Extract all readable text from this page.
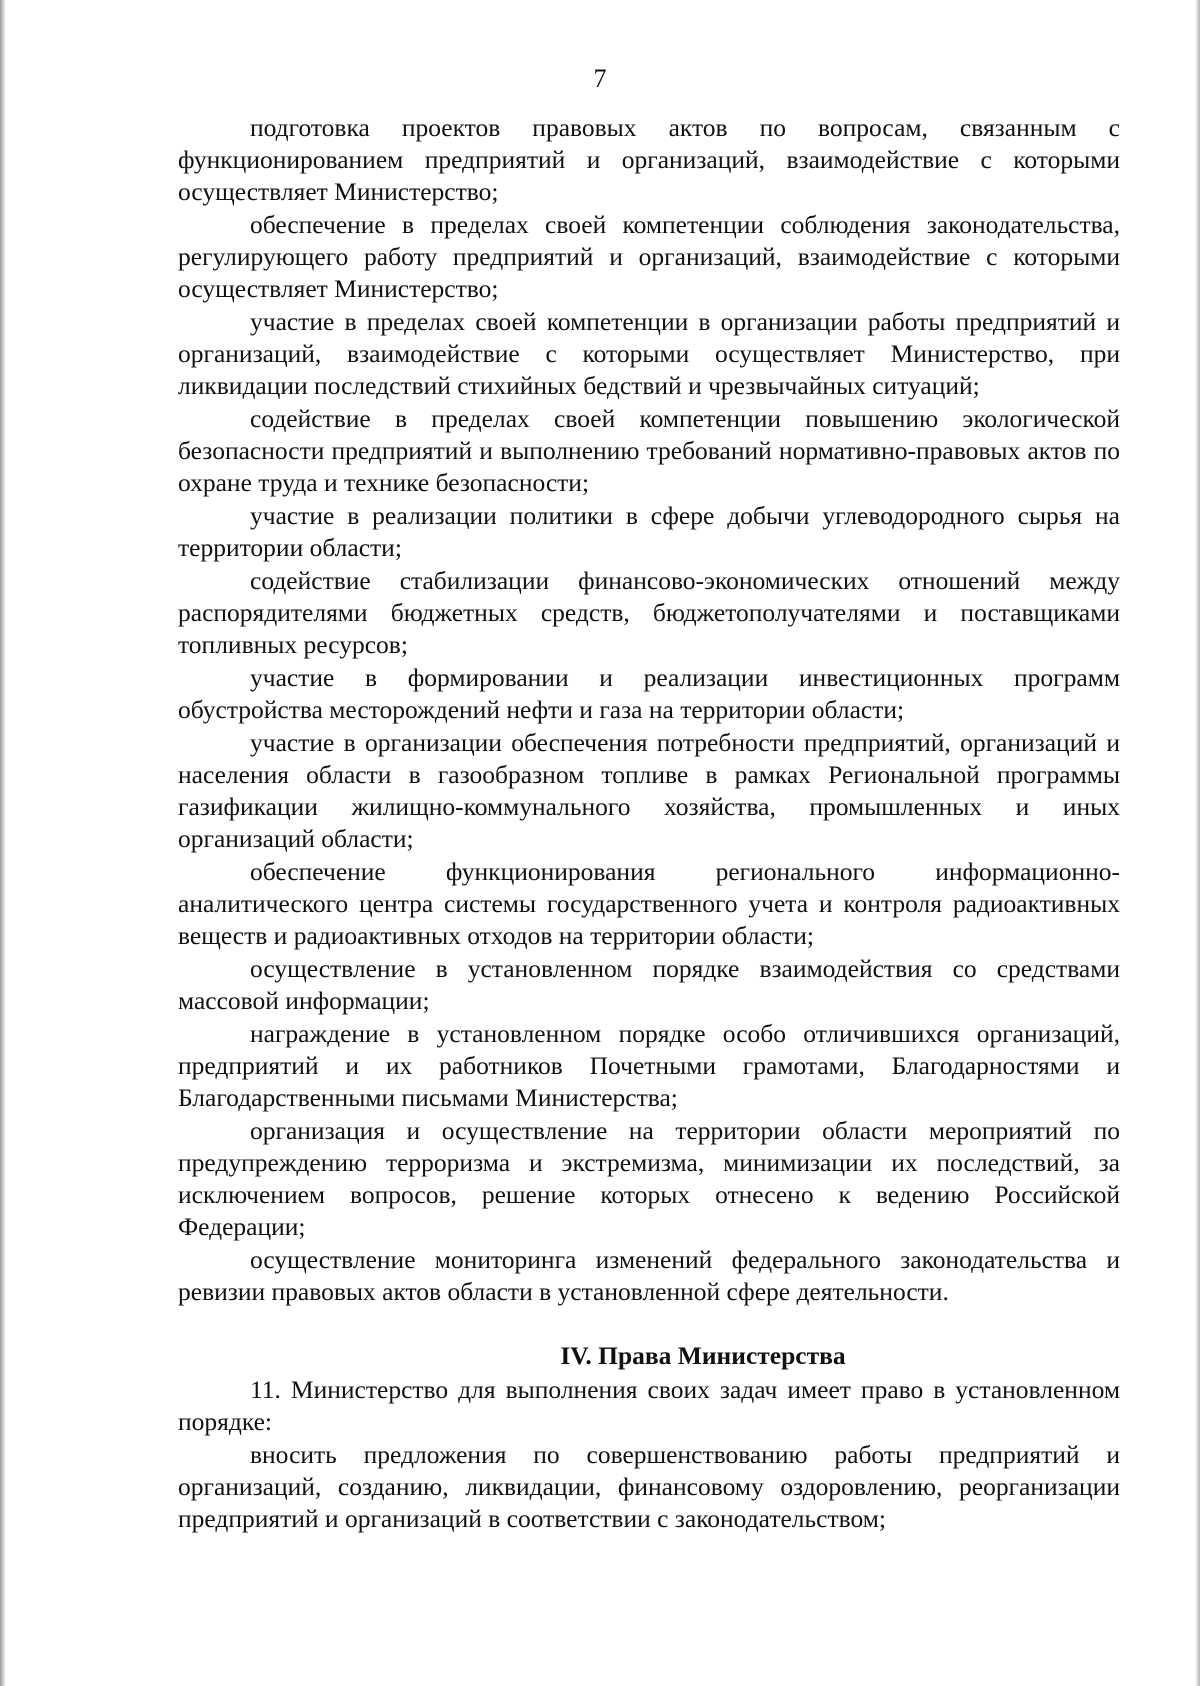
7

подготовка проектов правовых актов по вопросам, связанным с функционированием предприятий и организаций, взаимодействие с которыми осуществляет Министерство;

обеспечение в пределах своей компетенции соблюдения законодательства, регулирующего работу предприятий и организаций, взаимодействие с которыми осуществляет Министерство;

участие в пределах своей компетенции в организации работы предприятий и организаций, взаимодействие с которыми осуществляет Министерство, при ликвидации последствий стихийных бедствий и чрезвычайных ситуаций;

содействие в пределах своей компетенции повышению экологической безопасности предприятий и выполнению требований нормативно-правовых актов по охране труда и технике безопасности;

участие в реализации политики в сфере добычи углеводородного сырья на территории области;

содействие стабилизации финансово-экономических отношений между распорядителями бюджетных средств, бюджетополучателями и поставщиками топливных ресурсов;

участие в формировании и реализации инвестиционных программ обустройства месторождений нефти и газа на территории области;

участие в организации обеспечения потребности предприятий, организаций и населения области в газообразном топливе в рамках Региональной программы газификации жилищно-коммунального хозяйства, промышленных и иных организаций области;

обеспечение функционирования регионального информационно-аналитического центра системы государственного учета и контроля радиоактивных веществ и радиоактивных отходов на территории области;

осуществление в установленном порядке взаимодействия со средствами массовой информации;

награждение в установленном порядке особо отличившихся организаций, предприятий и их работников Почетными грамотами, Благодарностями и Благодарственными письмами Министерства;

организация и осуществление на территории области мероприятий по предупреждению терроризма и экстремизма, минимизации их последствий, за исключением вопросов, решение которых отнесено к ведению Российской Федерации;

осуществление мониторинга изменений федерального законодательства и ревизии правовых актов области в установленной сфере деятельности.

IV. Права Министерства

11. Министерство для выполнения своих задач имеет право в установленном порядке:

вносить предложения по совершенствованию работы предприятий и организаций, созданию, ликвидации, финансовому оздоровлению, реорганизации предприятий и организаций в соответствии с законодательством;
